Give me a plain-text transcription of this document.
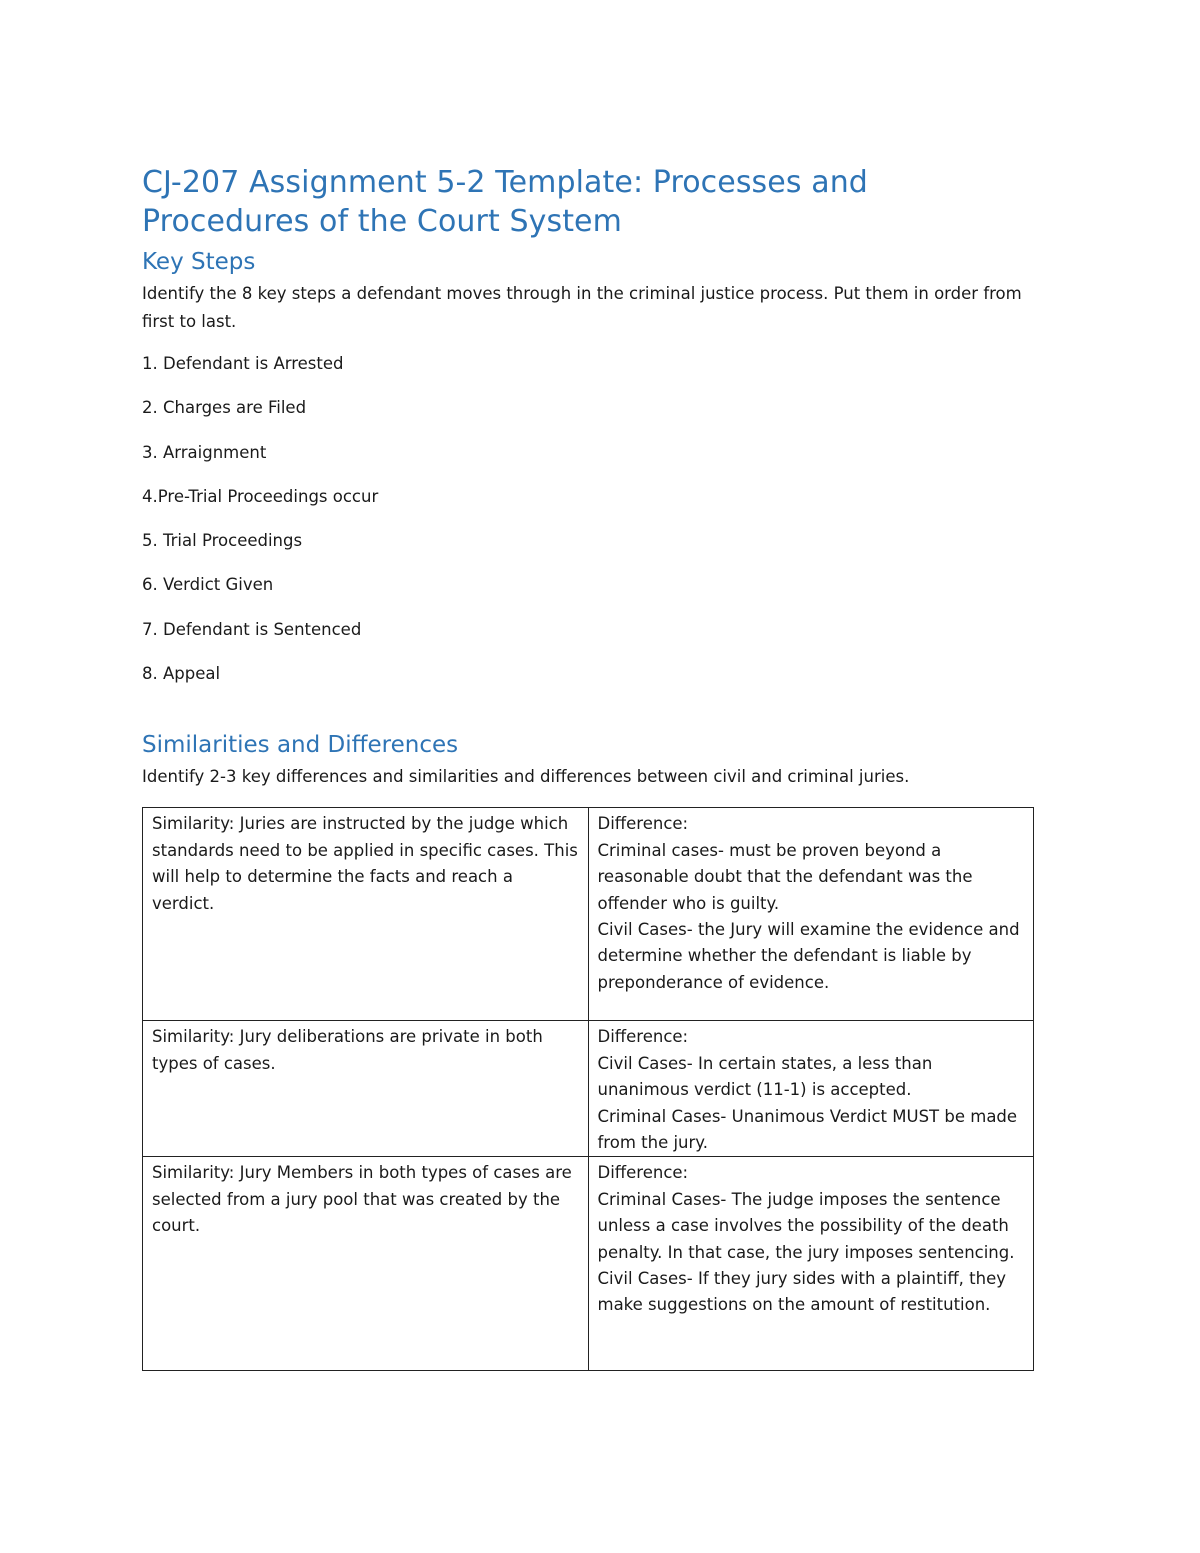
CJ-207 Assignment 5-2 Template: Processes and Procedures of the Court System
Key Steps

Identify the 8 key steps a defendant moves through in the criminal justice process. Put them in order from first to last.

1. Defendant is Arrested
2. Charges are Filed
3. Arraignment
4.Pre-Trial Proceedings occur
5. Trial Proceedings
6. Verdict Given
7. Defendant is Sentenced
8. Appeal
Similarities and Differences

Identify 2-3 key differences and similarities and differences between civil and criminal juries.

Similarity: Juries are instructed by the judge which standards need to be applied in specific cases. This will help to determine the facts and reach a verdict.	Difference:
Criminal cases- must be proven beyond a reasonable doubt that the defendant was the offender who is guilty.
Civil Cases- the Jury will examine the evidence and determine whether the defendant is liable by preponderance of evidence.

Similarity: Jury deliberations are private in both types of cases.	Difference:
Civil Cases- In certain states, a less than unanimous verdict (11-1) is accepted.
Criminal Cases- Unanimous Verdict MUST be made from the jury.

Similarity: Jury Members in both types of cases are selected from a jury pool that was created by the court.	Difference:
Criminal Cases- The judge imposes the sentence unless a case involves the possibility of the death penalty. In that case, the jury imposes sentencing.
Civil Cases- If they jury sides with a plaintiff, they make suggestions on the amount of restitution.
